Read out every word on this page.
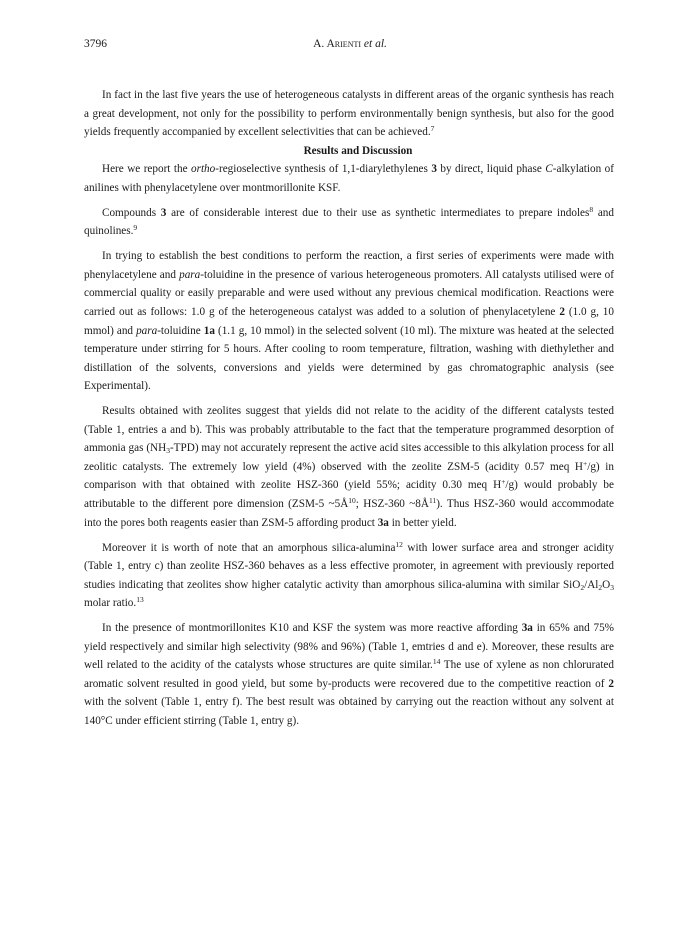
3796	A. Arienti et al.

In fact in the last five years the use of heterogeneous catalysts in different areas of the organic synthesis has reach a great development, not only for the possibility to perform environmentally benign synthesis, but also for the good yields frequently accompanied by excellent selectivities that can be achieved.$^7$

Results and Discussion

Here we report the ortho-regioselective synthesis of 1,1-diarylethylenes 3 by direct, liquid phase C-alkylation of anilines with phenylacetylene over montmorillonite KSF.

Compounds 3 are of considerable interest due to their use as synthetic intermediates to prepare indoles$^8$ and quinolines.$^9$

In trying to establish the best conditions to perform the reaction, a first series of experiments were made with phenylacetylene and para-toluidine in the presence of various heterogeneous promoters. All catalysts utilised were of commercial quality or easily preparable and were used without any previous chemical modification. Reactions were carried out as follows: 1.0 g of the heterogeneous catalyst was added to a solution of phenylacetylene 2 (1.0 g, 10 mmol) and para-toluidine 1a (1.1 g, 10 mmol) in the selected solvent (10 ml). The mixture was heated at the selected temperature under stirring for 5 hours. After cooling to room temperature, filtration, washing with diethylether and distillation of the solvents, conversions and yields were determined by gas chromatographic analysis (see Experimental).

Results obtained with zeolites suggest that yields did not relate to the acidity of the different catalysts tested (Table 1, entries a and b). This was probably attributable to the fact that the temperature programmed desorption of ammonia gas $(NH_3-TPD)$ may not accurately represent the active acid sites accessible to this alkylation process for all zeolitic catalysts. The extremely low yield (4%) observed with the zeolite ZSM-5 (acidity 0.57 meq H+/g) in comparison with that obtained with zeolite HSZ-360 (yield 55%; acidity 0.30 meq H+/g) would probably be attributable to the different pore dimension (ZSM-5 $\sim 5Å^{10}$; HSZ-360 $\sim 8Å^{11}$). Thus HSZ-360 would accommodate into the pores both reagents easier than ZSM-5 affording product 3a in better yield.

Moreover it is worth of note that an amorphous silica-alumina$^{12}$ with lower surface area and stronger acidity (Table 1, entry c) than zeolite HSZ-360 behaves as a less effective promoter, in agreement with previously reported studies indicating that zeolites show higher catalytic activity than amorphous silica-alumina with similar $SiO_2/Al_2O_3$ molar ratio.$^{13}$

In the presence of montmorillonites K10 and KSF the system was more reactive affording 3a in 65% and 75% yield respectively and similar high selectivity (98% and 96%) (Table 1, emtries d and e). Moreover, these results are well related to the acidity of the catalysts whose structures are quite similar.$^{14}$ The use of xylene as non chlorurated aromatic solvent resulted in good yield, but some by-products were recovered due to the competitive reaction of 2 with the solvent (Table 1, entry f). The best result was obtained by carrying out the reaction without any solvent at 140°C under efficient stirring (Table 1, entry g).
